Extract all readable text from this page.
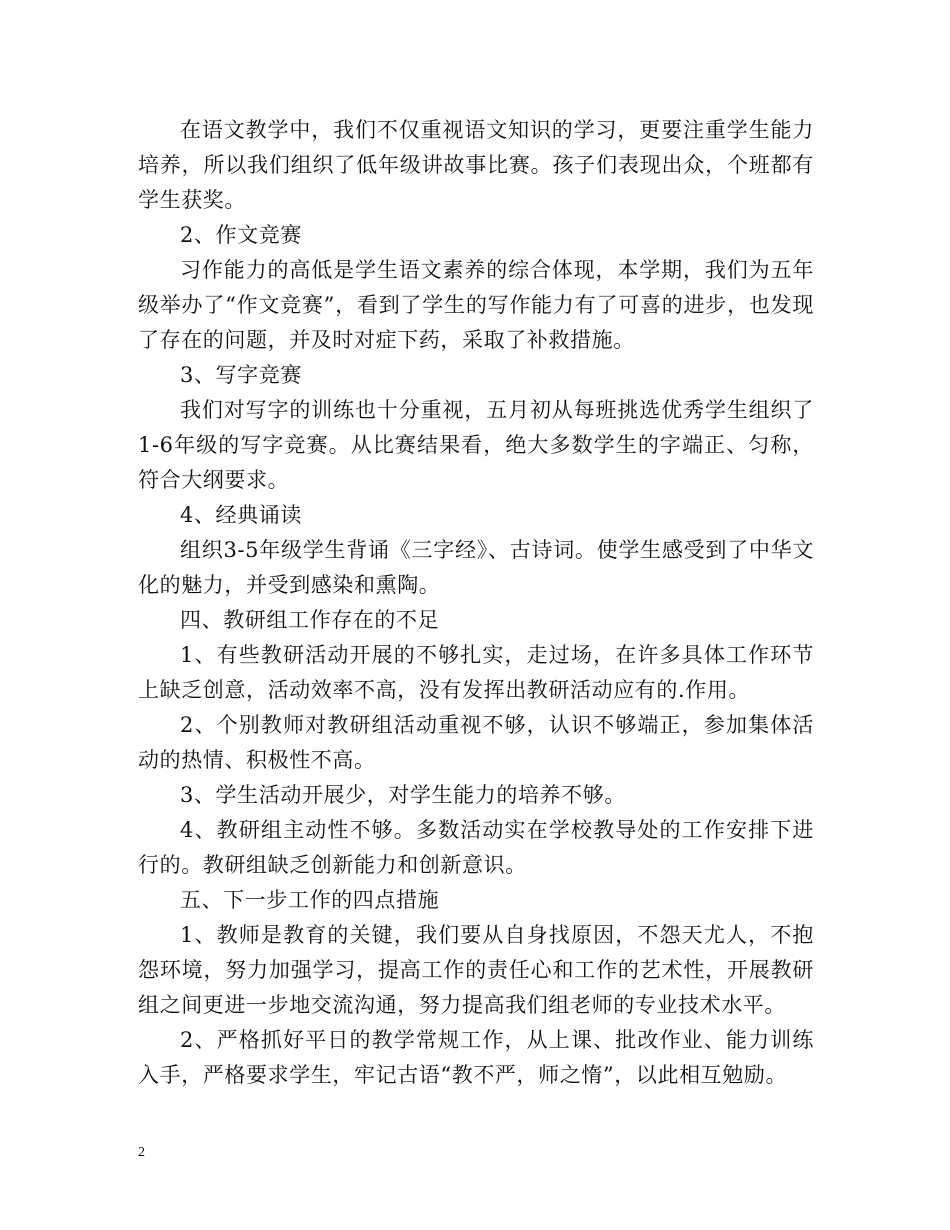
在语文教学中，我们不仅重视语文知识的学习，更要注重学生能力培养，所以我们组织了低年级讲故事比赛。孩子们表现出众，个班都有学生获奖。

2、作文竞赛

习作能力的高低是学生语文素养的综合体现，本学期，我们为五年级举办了“作文竞赛”，看到了学生的写作能力有了可喜的进步，也发现了存在的问题，并及时对症下药，采取了补救措施。

3、写字竞赛

我们对写字的训练也十分重视，五月初从每班挑选优秀学生组织了1-6年级的写字竞赛。从比赛结果看，绝大多数学生的字端正、匀称，符合大纲要求。

4、经典诵读

组织3-5年级学生背诵《三字经》、古诗词。使学生感受到了中华文化的魅力，并受到感染和熏陶。

四、教研组工作存在的不足

1、有些教研活动开展的不够扎实，走过场，在许多具体工作环节上缺乏创意，活动效率不高，没有发挥出教研活动应有的.作用。

2、个别教师对教研组活动重视不够，认识不够端正，参加集体活动的热情、积极性不高。

3、学生活动开展少，对学生能力的培养不够。

4、教研组主动性不够。多数活动实在学校教导处的工作安排下进行的。教研组缺乏创新能力和创新意识。

五、下一步工作的四点措施

1、教师是教育的关键，我们要从自身找原因，不怨天尤人，不抱怨环境，努力加强学习，提高工作的责任心和工作的艺术性，开展教研组之间更进一步地交流沟通，努力提高我们组老师的专业技术水平。

2、严格抓好平日的教学常规工作，从上课、批改作业、能力训练入手，严格要求学生，牢记古语“教不严，师之惰”，以此相互勉励。

2
